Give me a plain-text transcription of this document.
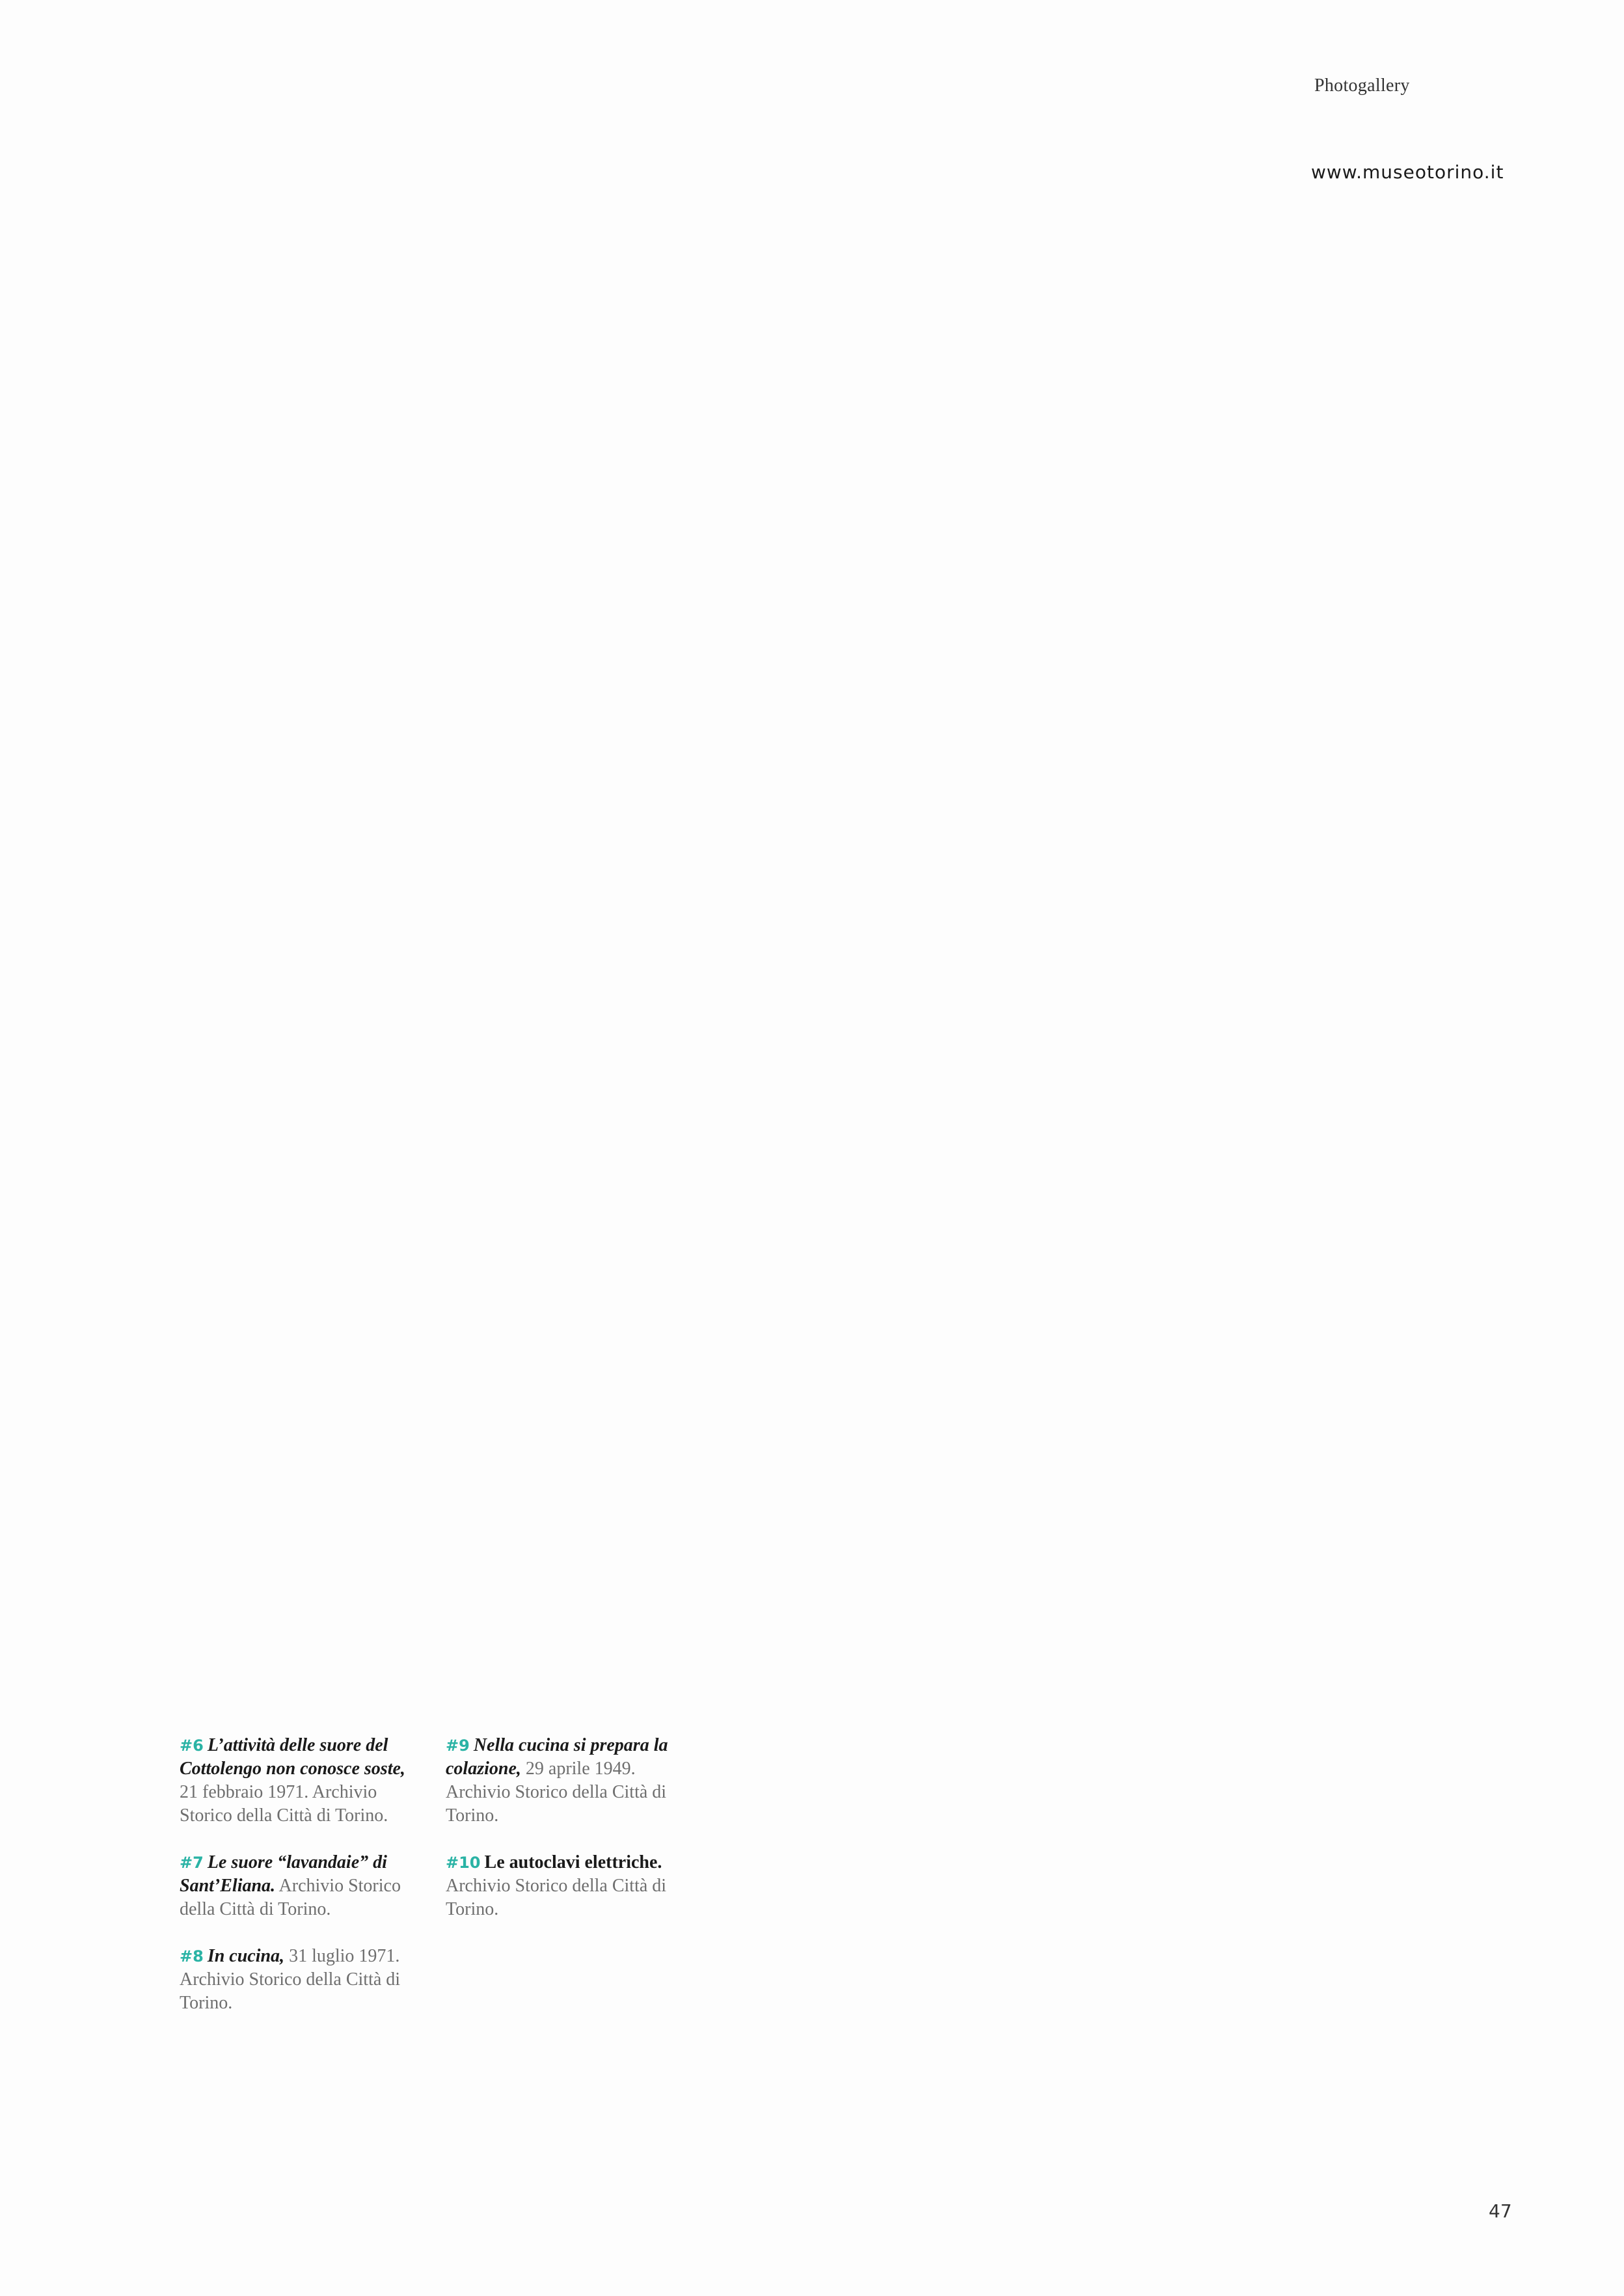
Photogallery
www.museotorino.it

#6 L’attività delle suore del Cottolengo non conosce soste, 21 febbraio 1971. Archivio Storico della Città di Torino.

#7 Le suore “lavandaie” di Sant’Eliana. Archivio Storico della Città di Torino.

#8 In cucina, 31 luglio 1971. Archivio Storico della Città di Torino.

#9 Nella cucina si prepara la colazione, 29 aprile 1949. Archivio Storico della Città di Torino.

#10 Le autoclavi elettriche. Archivio Storico della Città di Torino.

47
